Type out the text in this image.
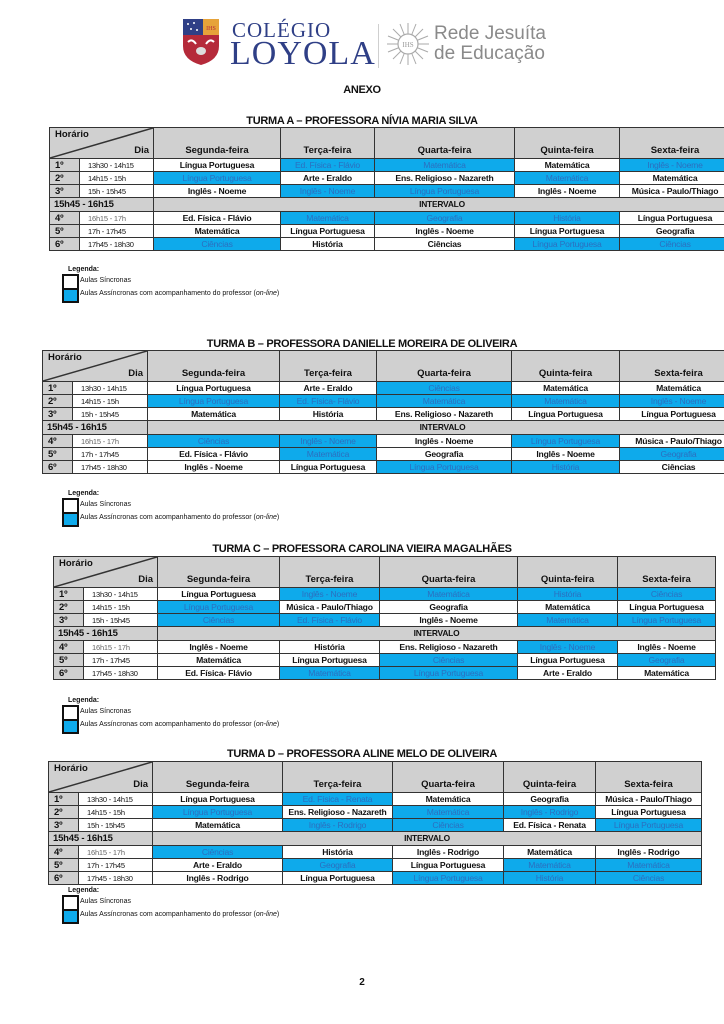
IHS COLÉGIO
LOYOLA	IHS
Rede Jesuíta
de Educação
ANEXO
TURMA A – PROFESSORA NÍVIA MARIA SILVA
Horário
Dia		Segunda-feira	Terça-feira	Quarta-feira	Quinta-feira	Sexta-feira
1º	13h30 - 14h15	Língua Portuguesa	Ed. Física - Flávio	Matemática	Matemática	Inglês - Noeme
2º	14h15 - 15h	Língua Portuguesa	Arte - Eraldo	Ens. Religioso - Nazareth	Matemática	Matemática
3º	15h - 15h45	Inglês - Noeme	Inglês - Noeme	Língua Portuguesa	Inglês - Noeme	Música - Paulo/Thiago
15h45 - 16h15		INTERVALO				
4º	16h15 - 17h	Ed. Física - Flávio	Matemática	Geografia	História	Língua Portuguesa
5º	17h - 17h45	Matemática	Língua Portuguesa	Inglês - Noeme	Língua Portuguesa	Geografia
6º	17h45 - 18h30	Ciências	História	Ciências	Língua Portuguesa	Ciências
Legenda:
Aulas Síncronas
Aulas Assíncronas com acompanhamento do professor (on-line)
TURMA B – PROFESSORA DANIELLE MOREIRA DE OLIVEIRA
Horário
Dia		Segunda-feira	Terça-feira	Quarta-feira	Quinta-feira	Sexta-feira
1º	13h30 - 14h15	Língua Portuguesa	Arte - Eraldo	Ciências	Matemática	Matemática
2º	14h15 - 15h	Língua Portuguesa	Ed. Física- Flávio	Matemática	Matemática	Inglês - Noeme
3º	15h - 15h45	Matemática	História	Ens. Religioso - Nazareth	Língua Portuguesa	Língua Portuguesa
15h45 - 16h15		INTERVALO				
4º	16h15 - 17h	Ciências	Inglês - Noeme	Inglês - Noeme	Língua Portuguesa	Música - Paulo/Thiago
5º	17h - 17h45	Ed. Física - Flávio	Matemática	Geografia	Inglês - Noeme	Geografia
6º	17h45 - 18h30	Inglês - Noeme	Língua Portuguesa	Língua Portuguesa	História	Ciências
Legenda:
Aulas Síncronas
Aulas Assíncronas com acompanhamento do professor (on-line)
TURMA C – PROFESSORA CAROLINA VIEIRA MAGALHÃES
Horário
Dia		Segunda-feira	Terça-feira	Quarta-feira	Quinta-feira	Sexta-feira
1º	13h30 - 14h15	Língua Portuguesa	Inglês - Noeme	Matemática	História	Ciências
2º	14h15 - 15h	Língua Portuguesa	Música - Paulo/Thiago	Geografia	Matemática	Língua Portuguesa
3º	15h - 15h45	Ciências	Ed. Física - Flávio	Inglês - Noeme	Matemática	Língua Portuguesa
15h45 - 16h15		INTERVALO				
4º	16h15 - 17h	Inglês - Noeme	História	Ens. Religioso - Nazareth	Inglês - Noeme	Inglês - Noeme
5º	17h - 17h45	Matemática	Língua Portuguesa	Ciências	Língua Portuguesa	Geografia
6º	17h45 - 18h30	Ed. Física- Flávio	Matemática	Língua Portuguesa	Arte - Eraldo	Matemática
Legenda:
Aulas Síncronas
Aulas Assíncronas com acompanhamento do professor (on-line)
TURMA D – PROFESSORA ALINE MELO DE OLIVEIRA
Horário
Dia		Segunda-feira	Terça-feira	Quarta-feira	Quinta-feira	Sexta-feira
1º	13h30 - 14h15	Língua Portuguesa	Ed. Física - Renata	Matemática	Geografia	Música - Paulo/Thiago
2º	14h15 - 15h	Língua Portuguesa	Ens. Religioso - Nazareth	Matemática	Inglês - Rodrigo	Língua Portuguesa
3º	15h - 15h45	Matemática	Inglês - Rodrigo	Ciências	Ed. Física - Renata	Língua Portuguesa
15h45 - 16h15		INTERVALO				
4º	16h15 - 17h	Ciências	História	Inglês - Rodrigo	Matemática	Inglês - Rodrigo
5º	17h - 17h45	Arte - Eraldo	Geografia	Língua Portuguesa	Matemática	Matemática
6º	17h45 - 18h30	Inglês - Rodrigo	Língua Portuguesa	Língua Portuguesa	História	Ciências
Legenda:
Aulas Síncronas
Aulas Assíncronas com acompanhamento do professor (on-line)
2
